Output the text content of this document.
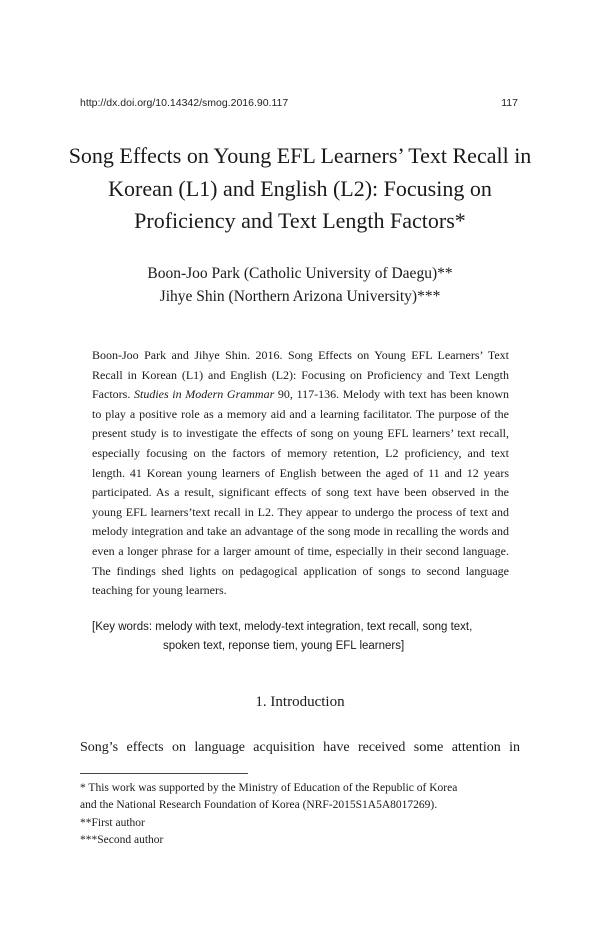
http://dx.doi.org/10.14342/smog.2016.90.117	117
Song Effects on Young EFL Learners’ Text Recall in
Korean (L1) and English (L2): Focusing on
Proficiency and Text Length Factors*
Boon-Joo Park (Catholic University of Daegu)**
Jihye Shin (Northern Arizona University)***
Boon-Joo Park and Jihye Shin. 2016. Song Effects on Young EFL Learners’ Text Recall in Korean (L1) and English (L2): Focusing on Proficiency and Text Length Factors. Studies in Modern Grammar 90, 117-136. Melody with text has been known to play a positive role as a memory aid and a learning facilitator. The purpose of the present study is to investigate the effects of song on young EFL learners’ text recall, especially focusing on the factors of memory retention, L2 proficiency, and text length. 41 Korean young learners of English between the aged of 11 and 12 years participated. As a result, significant effects of song text have been observed in the young EFL learners’text recall in L2. They appear to undergo the process of text and melody integration and take an advantage of the song mode in recalling the words and even a longer phrase for a larger amount of time, especially in their second language. The findings shed lights on pedagogical application of songs to second language teaching for young learners.
[Key words: melody with text, melody-text integration, text recall, song text,
spoken text, reponse tiem, young EFL learners]
1. Introduction
Song’s effects on language acquisition have received some attention in
* This work was supported by the Ministry of Education of the Republic of Korea
and the National Research Foundation of Korea (NRF-2015S1A5A8017269).
**First author
***Second author
